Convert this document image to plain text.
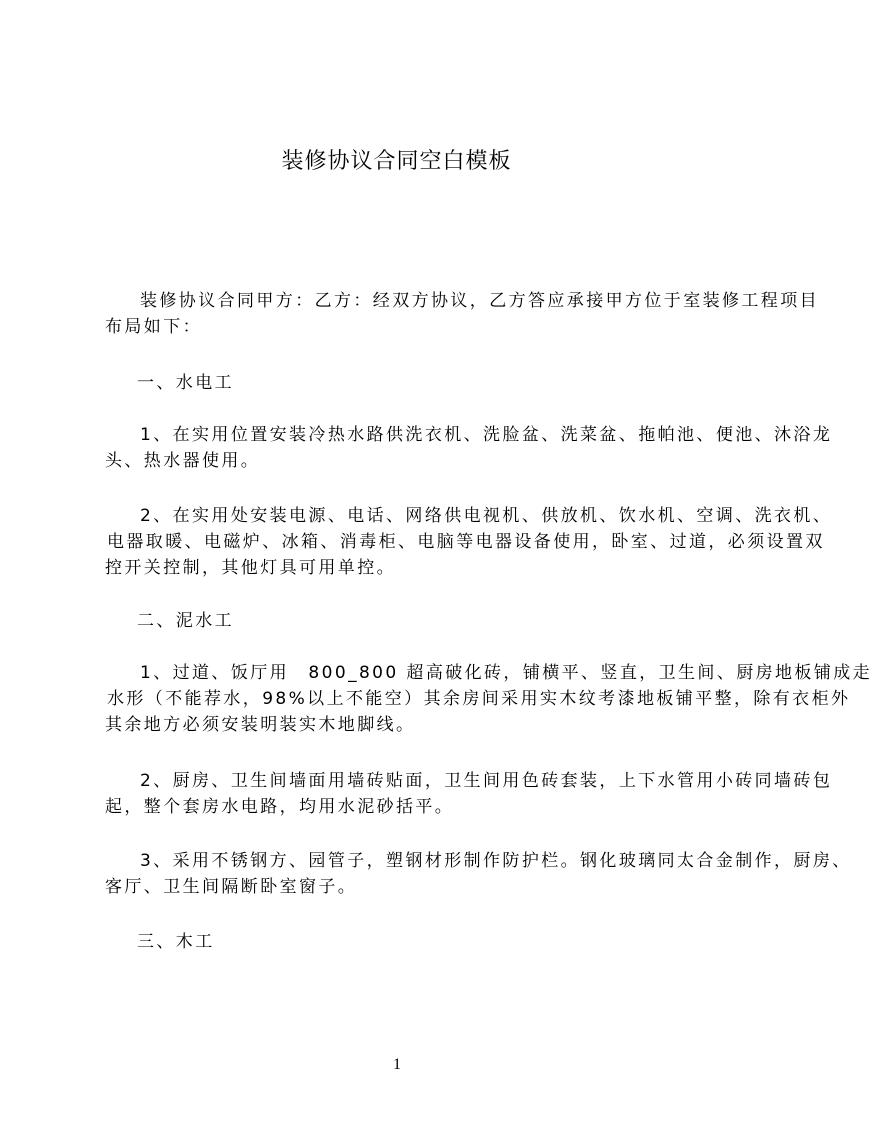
装修协议合同空白模板
装修协议合同甲方：乙方：经双方协议，乙方答应承接甲方位于室装修工程项目
布局如下：
一、水电工
1、在实用位置安装冷热水路供洗衣机、洗脸盆、洗菜盆、拖帕池、便池、沐浴龙
头、热水器使用。
2、在实用处安装电源、电话、网络供电视机、供放机、饮水机、空调、洗衣机、
电器取暖、电磁炉、冰箱、消毒柜、电脑等电器设备使用，卧室、过道，必须设置双
控开关控制，其他灯具可用单控。
二、泥水工
1、过道、饭厅用　800_800 超高破化砖，铺横平、竖直，卫生间、厨房地板铺成走
水形（不能荐水，98%以上不能空）其余房间采用实木纹考漆地板铺平整，除有衣柜外
其余地方必须安装明装实木地脚线。
2、厨房、卫生间墙面用墙砖贴面，卫生间用色砖套装，上下水管用小砖同墙砖包
起，整个套房水电路，均用水泥砂括平。
3、采用不锈钢方、园管子，塑钢材形制作防护栏。钢化玻璃同太合金制作，厨房、
客厅、卫生间隔断卧室窗子。
三、木工
1
